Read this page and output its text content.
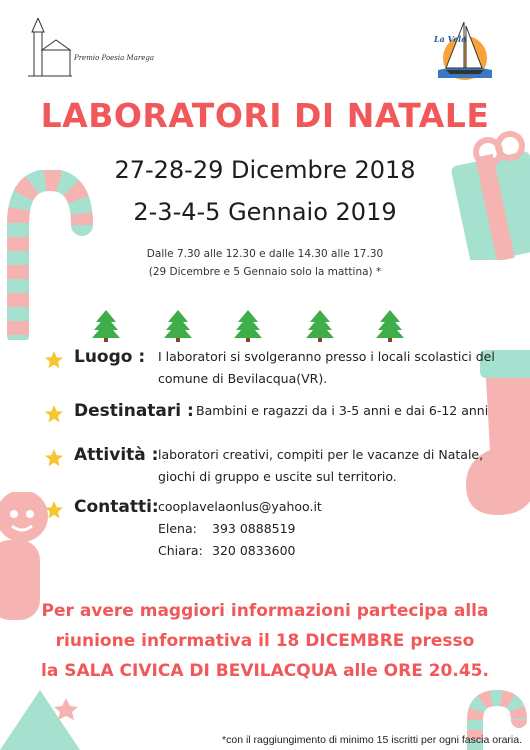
Premio Poesia Marega
La Vela
LABORATORI DI NATALE
27-28-29 Dicembre 2018
2-3-4-5 Gennaio 2019
Dalle 7.30 alle 12.30 e dalle 14.30 alle 17.30
(29 Dicembre e 5 Gennaio solo la mattina) *
Luogo : I laboratori si svolgeranno presso i locali scolastici del
comune di Bevilacqua(VR).
Destinatari : Bambini e ragazzi da i 3-5 anni e dai 6-12 anni
Attività : laboratori creativi, compiti per le vacanze di Natale,
giochi di gruppo e uscite sul territorio.
Contatti: cooplavelaonlus@yahoo.it
Elena: 393 0888519
Chiara: 320 0833600
Per avere maggiori informazioni partecipa alla
riunione informativa il 18 DICEMBRE presso
la SALA CIVICA DI BEVILACQUA alle ORE 20.45.
*con il raggiungimento di minimo 15 iscritti per ogni fascia oraria.
